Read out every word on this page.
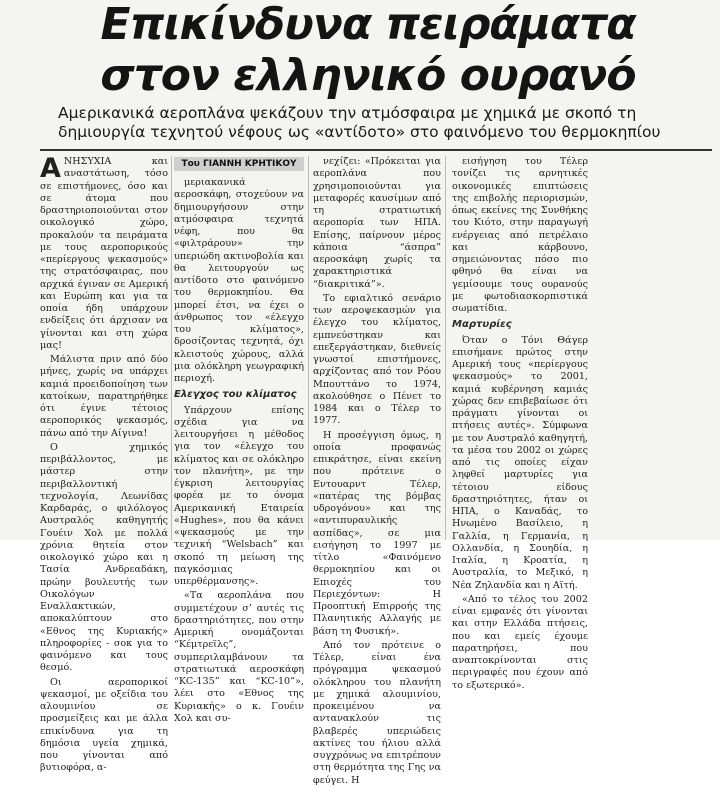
Επικίνδυνα πειράματα
στον ελληνικό ουρανό
Αμερικανικά αεροπλάνα ψεκάζουν την ατμόσφαιρα με χημικά με σκοπό τη δημιουργία τεχνητού νέφους ως «αντίδοτο» στο φαινόμενο του θερμοκηπίου

ΑΝΗΣΥΧΙΑ και αναστάτωση, τόσο σε επιστήμονες, όσο και σε άτομα που δραστηριοποιούνται στον οικολογικό χώρο, προκαλούν τα πειράματα με τους αεροπορικούς «περίεργους ψεκασμούς» της στρατόσφαιρας, που αρχικά έγιναν σε Αμερική και Ευρώπη και για τα οποία ήδη υπάρχουν ενδείξεις ότι άρχισαν να γίνονται και στη χώρα μας!

Μάλιστα πριν από δύο μήνες, χωρίς να υπάρχει καμιά προειδοποίηση των κατοίκων, παρατηρήθηκε ότι έγινε τέτοιος αεροπορικός ψεκασμός, πάνω από την Αίγινα!

Ο χημικός περιβάλλοντος, με μάστερ στην περιβαλλοντική τεχνολογία, Λεωνίδας Καρδαράς, ο φιλόλογος Αυστραλός καθηγητής Γουέιν Χολ με πολλά χρόνια θητεία στον οικολογικό χώρο και η Τασία Ανδρεαδάκη, πρώην βουλευτής των Οικολόγων Εναλλακτικών, αποκαλύπτουν στο «Εθνος της Κυριακής» πληροφορίες - σοκ για το φαινόμενο και τους θεσμό.

Οι αεροπορικοί ψεκασμοί, με οξείδια του αλουμινίου σε προσμείξεις και με άλλα επικίνδυνα για τη δημόσια υγεία χημικά, που γίνονται από βυτιοφόρα, α-

Του ΓΙΑΝΝΗ ΚΡΗΤΙΚΟΥ

μεριακανικά αεροσκάφη, στοχεύουν να δημιουργήσουν στην ατμόσφαιρα τεχνητά νέφη, που θα «φιλτράρουν» την υπεριώδη ακτινοβολία και θα λειτουργούν ως αντίδοτο στο φαινόμενο του θερμοκηπίου. Θα μπορεί έτσι, να έχει ο άνθρωπος τον «έλεγχο του κλίματος», δροσίζοντας τεχνητά, όχι κλειστούς χώρους, αλλά μια ολόκληρη γεωγραφική περιοχή.

Ελεγχος του κλίματος

Υπάρχουν επίσης σχέδια για να λειτουργήσει η μέθοδος για τον «έλεγχο του κλίματος και σε ολόκληρο τον πλανήτη», με την έγκριση λειτουργίας φορέα με το όνομα Αμερικανική Εταιρεία «Hughes», που θα κάνει «ψεκασμούς με την τεχνική “Welsbach” και σκοπό τη μείωση της παγκόσμιας υπερθέρμανσης».

«Τα αεροπλάνα που συμμετέχουν σ’ αυτές τις δραστηριότητες, που στην Αμερική ονομάζονται “Κέμτρεϊλς”, συμπεριλαμβάνουν τα στρατιωτικά αεροσκάφη “KC-135” και “KC-10”», λέει στο «Εθνος της Κυριακής» ο κ. Γουέιν Χολ και συ-

νεχίζει: «Πρόκειται για αεροπλάνα που χρησιμοποιούνται για μεταφορές καυσίμων από τη στρατιωτική αεροπορία των ΗΠΑ. Επίσης, παίρνουν μέρος κάποια “άσπρα” αεροσκάφη χωρίς τα χαρακτηριστικά “διακριτικά”».

Το εφιαλτικό σενάριο των αεροψεκασμών για έλεγχο του κλίματος, εμπνεύστηκαν και επεξεργάστηκαν, διεθνείς γνωστοί επιστήμονες, αρχίζοντας από τον Ρόου Μπουττάνο το 1974, ακολούθησε ο Πένετ το 1984 και ο Τέλερ το 1977.

Η προσέγγιση όμως, η οποία προφανώς επικράτησε, είναι εκείνη που πρότεινε ο Εντουαρντ Τέλερ, «πατέρας της βόμβας υδρογόνου» και της «αντιπυραυλικής ασπίδας», σε μια εισήγηση το 1997 με τίτλο «Φαινόμενο θερμοκηπίου και οι Επιοχές του Περιεχόντων: Η Προοπτική Επιρροής της Πλανητικής Αλλαγής με βάση τη Φυσική».

Από τον πρότεινε ο Τέλερ, είναι ένα πρόγραμμα ψεκασμού ολόκληρου του πλανήτη με χημικά αλουμινίου, προκειμένου να αντανακλούν τις βλαβερές υπεριώδεις ακτίνες του ήλιου αλλά συγχρόνως να επιτρέπουν στη θερμότητα της Γης να φεύγει. Η

εισήγηση του Τέλερ τονίζει τις αρνητικές οικονομικές επιπτώσεις της επιβολής περιορισμών, όπως εκείνες της Συνθήκης του Κιότο, στην παραγωγή ενέργειας από πετρέλαιο και κάρβουνο, σημειώνοντας πόσο πιο φθηνό θα είναι να γεμίσουμε τους ουρανούς με φωτοδιασκορπιστικά σωματίδια.

Μαρτυρίες

Όταν ο Τόνι Θάγερ επισήμανε πρώτος στην Αμερική τους «περίεργους ψεκασμούς» το 2001, καμιά κυβέρνηση καμιάς χώρας δεν επιβεβαίωσε ότι πράγματι γίνονται οι πτήσεις αυτές». Σύμφωνα με τον Αυστραλό καθηγητή, τα μέσα του 2002 οι χώρες από τις οποίες είχαν ληφθεί μαρτυρίες για τέτοιου είδους δραστηριότητες, ήταν οι ΗΠΑ, ο Καναδάς, το Ηνωμένο Βασίλειο, η Γαλλία, η Γερμανία, η Ολλανδία, η Σουηδία, η Ιταλία, η Κροατία, η Αυστραλία, το Μεξικό, η Νέα Ζηλανδία και η Αϊτή.

«Από το τέλος του 2002 είναι εμφανές ότι γίνονται και στην Ελλάδα πτήσεις, που και εμείς έχουμε παρατηρήσει, που αναπτοκρίνονται στις περιγραφές που έχουν από το εξωτερικό».
